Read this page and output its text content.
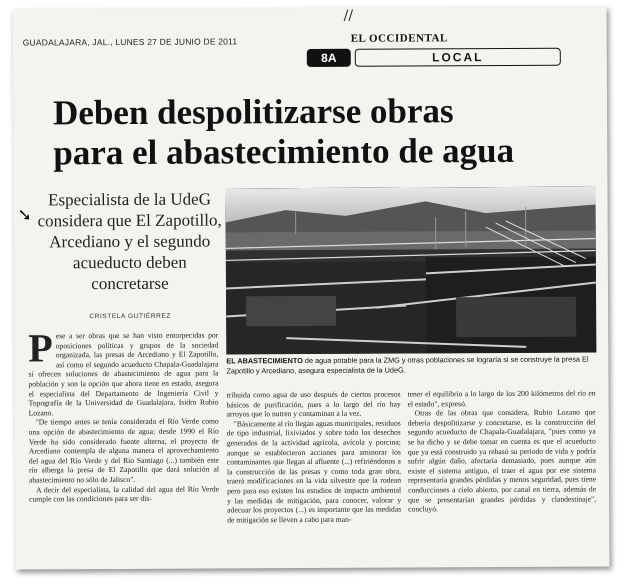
//
GUADALAJARA, JAL., LUNES 27 DE JUNIO DE 2011	EL OCCIDENTAL
8A	LOCAL
Deben despolitizarse obras
para el abastecimiento de agua
➘
Especialista de la UdeG considera que El Zapotillo, Arcediano y el segundo acueducto deben concretarse
CRISTELA GUTIÉRREZ
EL ABASTECIMIENTO de agua potable para la ZMG y otras poblaciones se lograría si se construye la presa El Zapotillo y Arcediano, asegura especialista de la UdeG.
P ese a ser obras que se han visto entorpecidas por oposiciones políticas y grupos de la sociedad organizada, las presas de Arcediano y El Zapotillo, así como el segundo acueducto Chapala-Guadalajara sí ofrecen soluciones de abastecimiento de agua para la población y son la opción que ahora tiene en estado, asegura el especialista del Departamento de Ingeniería Civil y Topografía de la Universidad de Guadalajara, Isidro Rubio Lozano.

"De tiempo antes se tenía considerado el Río Verde como una opción de abastecimiento de agua; desde 1990 el Río Verde ha sido considerado fuente alterna, el proyecto de Arcediano contempla de alguna manera el aprovechamiento del agua del Río Verde y del Río Santiago (...) también este río alberga la presa de El Zapotillo que dará solución al abastecimiento no sólo de Jalisco".

A decir del especialista, la calidad del agua del Río Verde cumple con las condiciones para ser dis-

tribuida como agua de uso después de ciertos procesos básicos de purificación, pues a lo largo del río hay arroyos que lo nutren y contaminan a la vez.

"Básicamente al río llegan aguas municipales, residuos de tipo industrial, lixiviados y sobre todo los desechos generados de la actividad agrícola, avícola y porcina; aunque se establecieron acciones para aminorar los contaminantes que llegan al afluente (...) refiriéndonos a la construcción de las presas y como toda gran obra, traerá modificaciones en la vida silvestre que la rodean pero para eso existen los estudios de impacto ambiental y las medidas de mitigación, para conocer, valorar y adecuar los proyectos (...) es importante que las medidas de mitigación se lleven a cabo para man-

tener el equilibrio a lo largo de los 200 kilómetros del río en el estado", expresó.

Otras de las obras que considera, Rubio Lozano que debería despolitizarse y concretarse, es la construcción del segundo acueducto de Chapala-Guadalajara, "pues como ya se ha dicho y se debe tomar en cuenta es que el acueducto que ya está construido ya rebasó su periodo de vida y podría sufrir algún daño, afectaría demasiado, pues aunque aún existe el sistema antiguo, el traer el agua por ese sistema representaría grandes pérdidas y menos seguridad, pues tiene conducciones a cielo abierto, por canal en tierra, además de que se presentarían grandes pérdidas y clandestinaje", concluyó.
